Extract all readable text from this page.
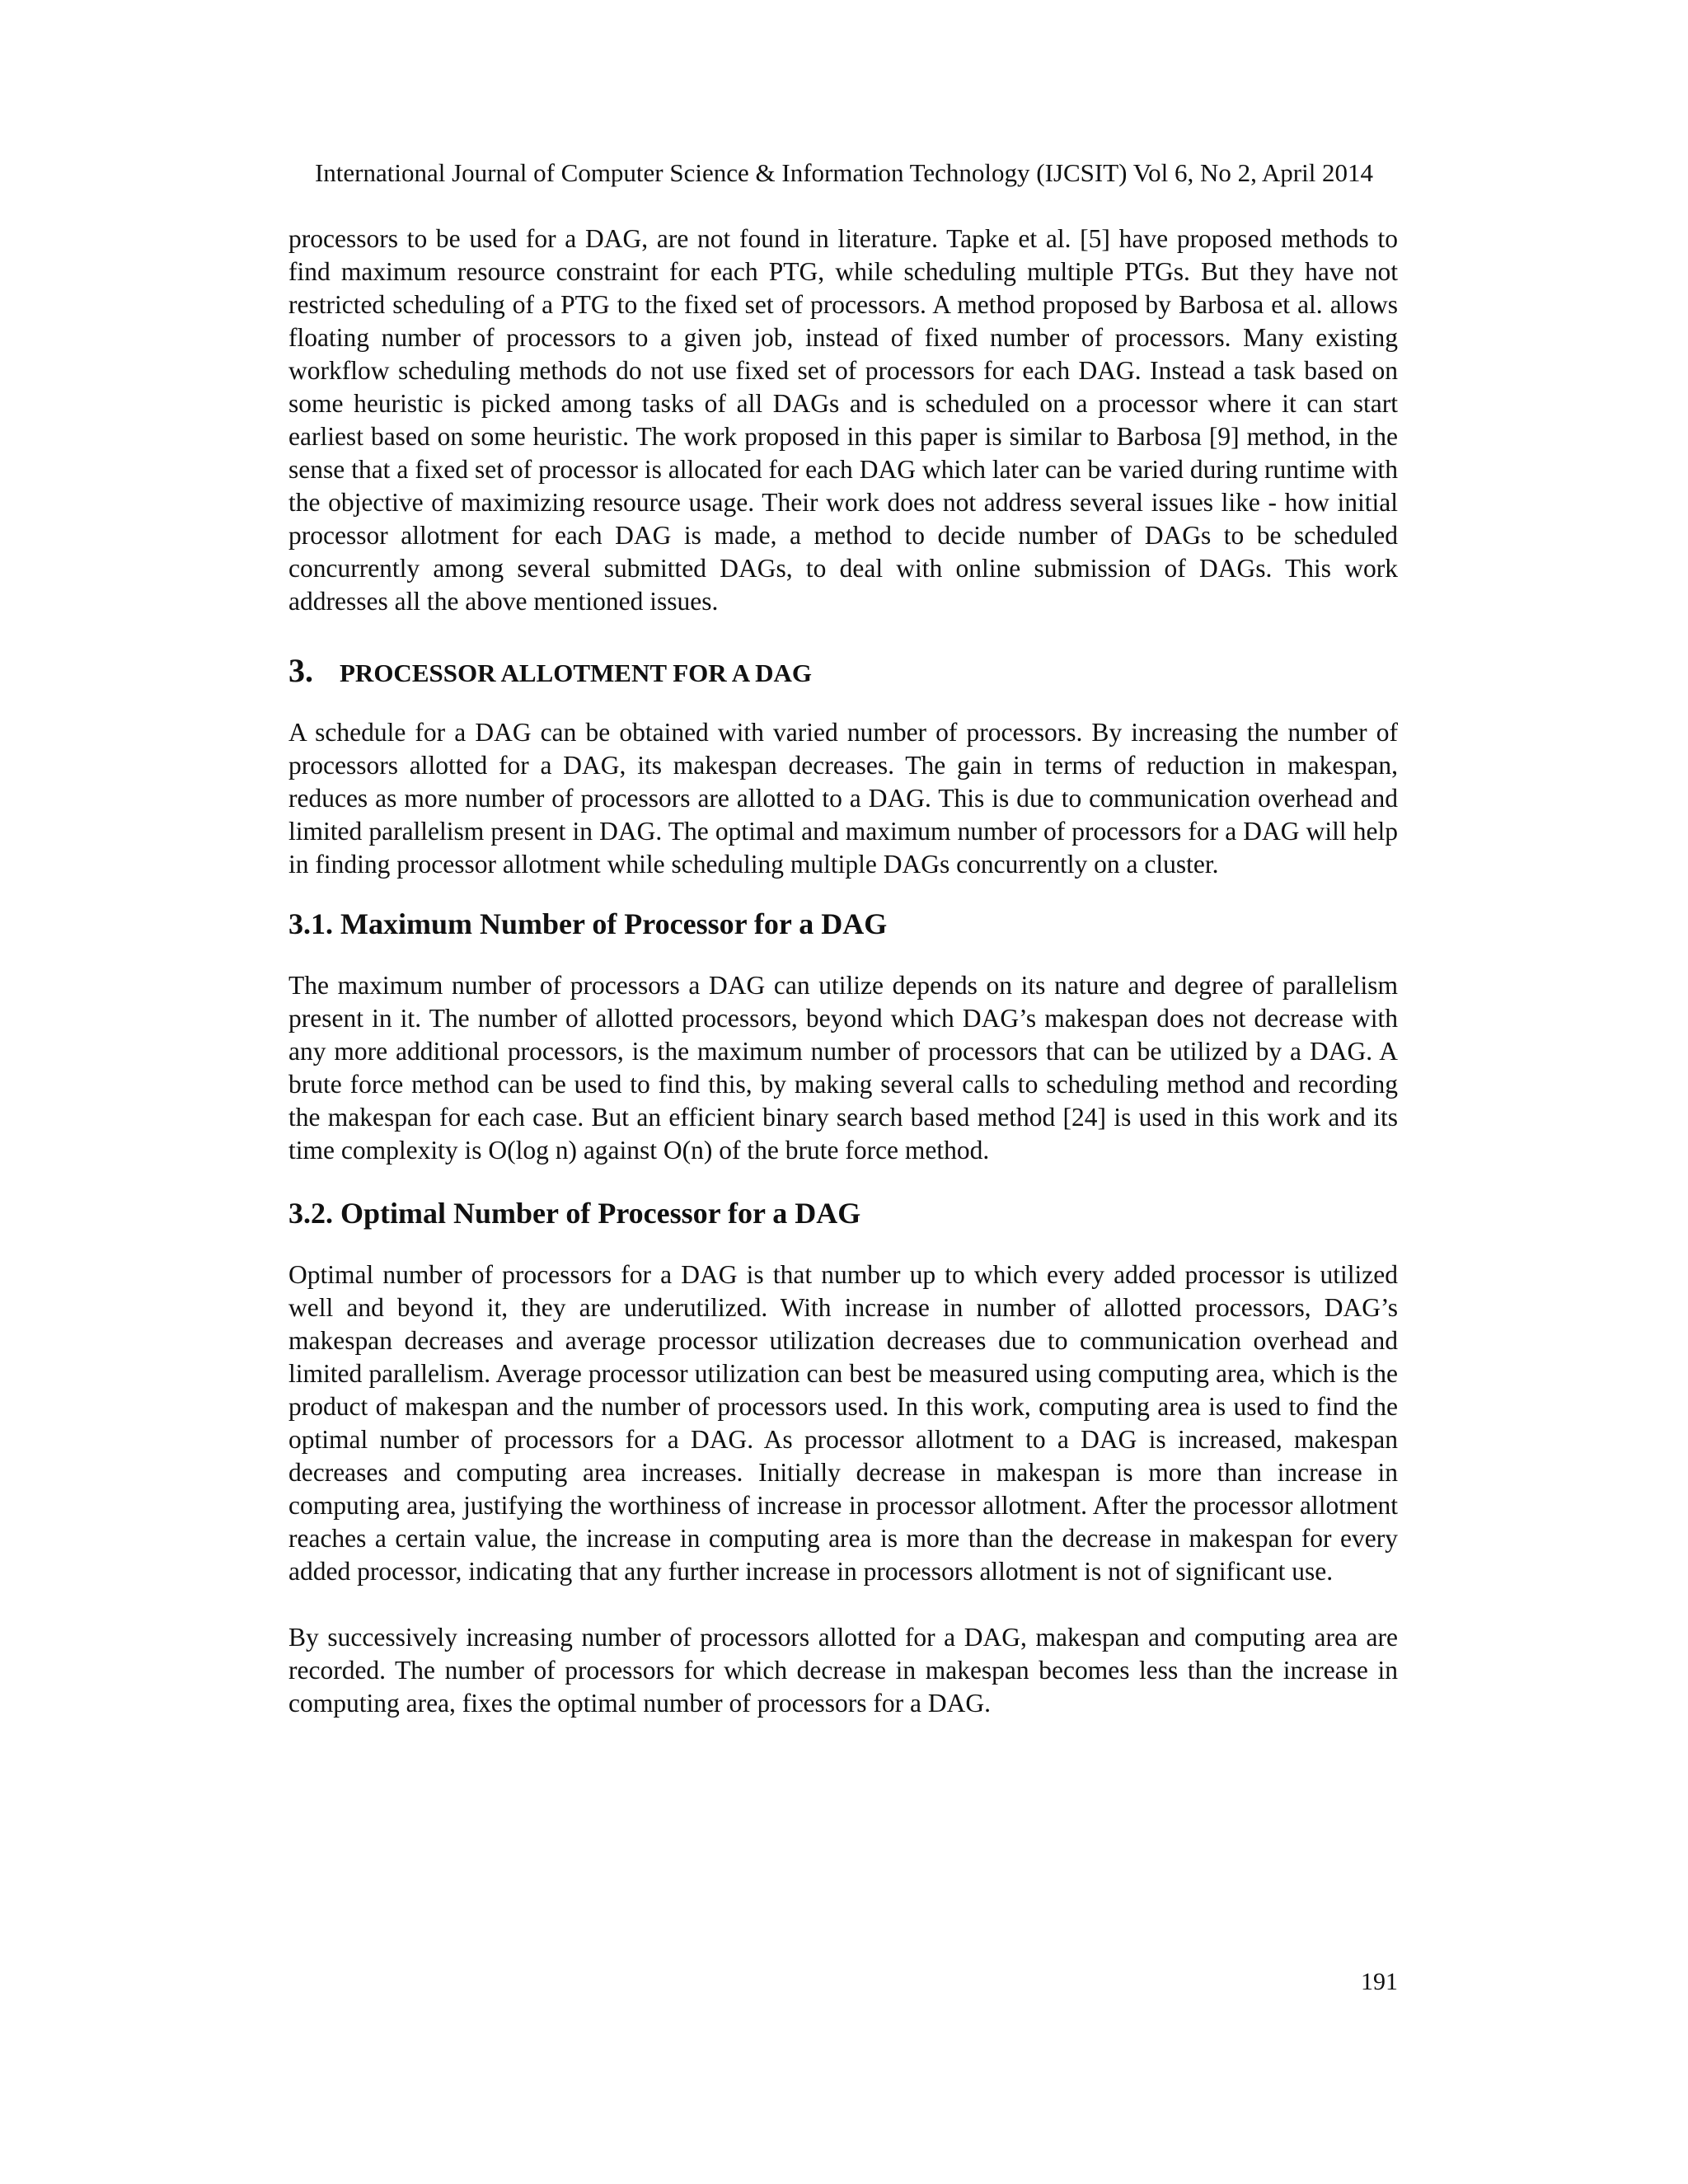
International Journal of Computer Science & Information Technology (IJCSIT) Vol 6, No 2, April 2014

processors to be used for a DAG, are not found in literature. Tapke et al. [5] have proposed methods to find maximum resource constraint for each PTG, while scheduling multiple PTGs. But they have not restricted scheduling of a PTG to the fixed set of processors. A method proposed by Barbosa et al. allows floating number of processors to a given job, instead of fixed number of processors. Many existing workflow scheduling methods do not use fixed set of processors for each DAG. Instead a task based on some heuristic is picked among tasks of all DAGs and is scheduled on a processor where it can start earliest based on some heuristic. The work proposed in this paper is similar to Barbosa [9] method, in the sense that a fixed set of processor is allocated for each DAG which later can be varied during runtime with the objective of maximizing resource usage. Their work does not address several issues like - how initial processor allotment for each DAG is made, a method to decide number of DAGs to be scheduled concurrently among several submitted DAGs, to deal with online submission of DAGs. This work addresses all the above mentioned issues.

3.	PROCESSOR ALLOTMENT FOR A DAG

A schedule for a DAG can be obtained with varied number of processors. By increasing the number of processors allotted for a DAG, its makespan decreases. The gain in terms of reduction in makespan, reduces as more number of processors are allotted to a DAG. This is due to communication overhead and limited parallelism present in DAG. The optimal and maximum number of processors for a DAG will help in finding processor allotment while scheduling multiple DAGs concurrently on a cluster.

3.1. Maximum Number of Processor for a DAG

The maximum number of processors a DAG can utilize depends on its nature and degree of parallelism present in it. The number of allotted processors, beyond which DAG’s makespan does not decrease with any more additional processors, is the maximum number of processors that can be utilized by a DAG. A brute force method can be used to find this, by making several calls to scheduling method and recording the makespan for each case. But an efficient binary search based method [24] is used in this work and its time complexity is O(log n) against O(n) of the brute force method.

3.2. Optimal Number of Processor for a DAG

Optimal number of processors for a DAG is that number up to which every added processor is utilized well and beyond it, they are underutilized. With increase in number of allotted processors, DAG’s makespan decreases and average processor utilization decreases due to communication overhead and limited parallelism. Average processor utilization can best be measured using computing area, which is the product of makespan and the number of processors used. In this work, computing area is used to find the optimal number of processors for a DAG. As processor allotment to a DAG is increased, makespan decreases and computing area increases. Initially decrease in makespan is more than increase in computing area, justifying the worthiness of increase in processor allotment. After the processor allotment reaches a certain value, the increase in computing area is more than the decrease in makespan for every added processor, indicating that any further increase in processors allotment is not of significant use.

By successively increasing number of processors allotted for a DAG, makespan and computing area are recorded. The number of processors for which decrease in makespan becomes less than the increase in computing area, fixes the optimal number of processors for a DAG.

191
